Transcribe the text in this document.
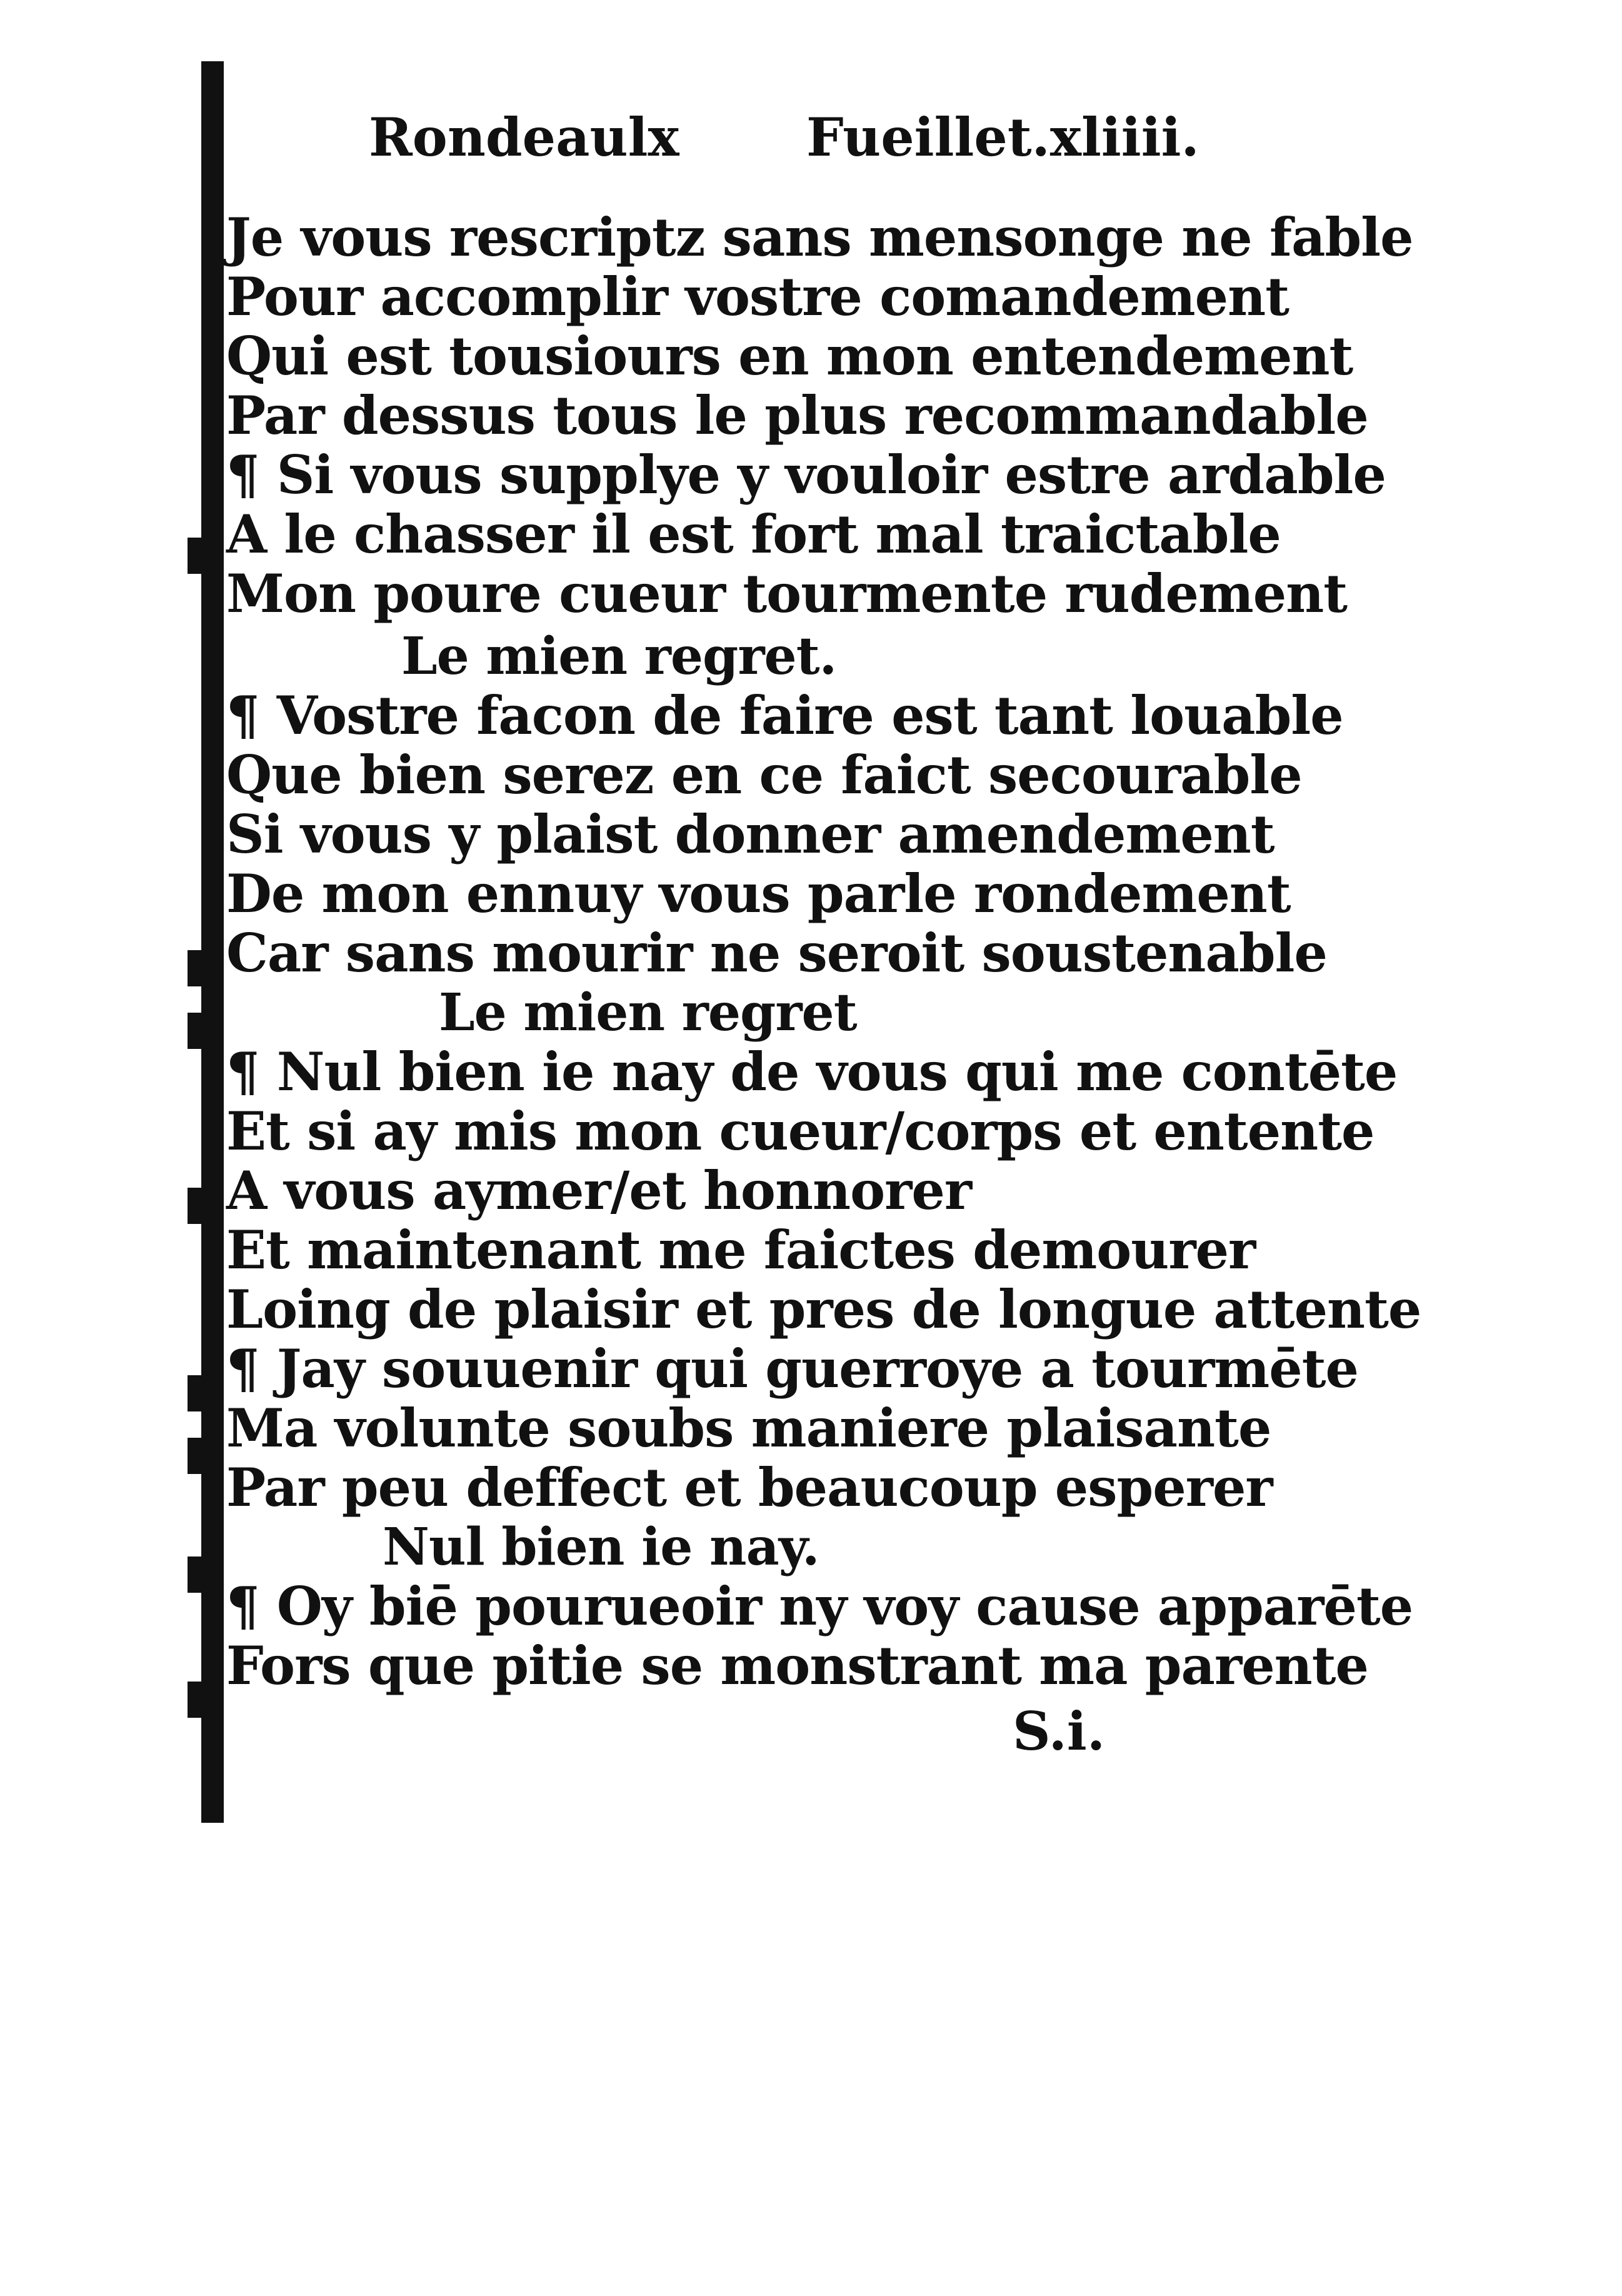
Rondeaulx Fueillet.xliiii.
Je vous rescriptz sans mensonge ne fable
Pour accomplir vostre comandement
Qui est tousiours en mon entendement
Par dessus tous le plus recommandable
¶ Si vous supplye y vouloir estre ardable
A le chasser il est fort mal traictable
Mon poure cueur tourmente rudement
Le mien regret.
¶ Vostre facon de faire est tant louable
Que bien serez en ce faict secourable
Si vous y plaist donner amendement
De mon ennuy vous parle rondement
Car sans mourir ne seroit soustenable
Le mien regret
¶ Nul bien ie nay de vous qui me contēte
Et si ay mis mon cueur/corps et entente
A vous aymer/et honnorer
Et maintenant me faictes demourer
Loing de plaisir et pres de longue attente
¶ Jay souuenir qui guerroye a tourmēte
Ma volunte soubs maniere plaisante
Par peu deffect et beaucoup esperer
Nul bien ie nay.
¶ Oy biē pourueoir ny voy cause apparēte
Fors que pitie se monstrant ma parente
S.i.
